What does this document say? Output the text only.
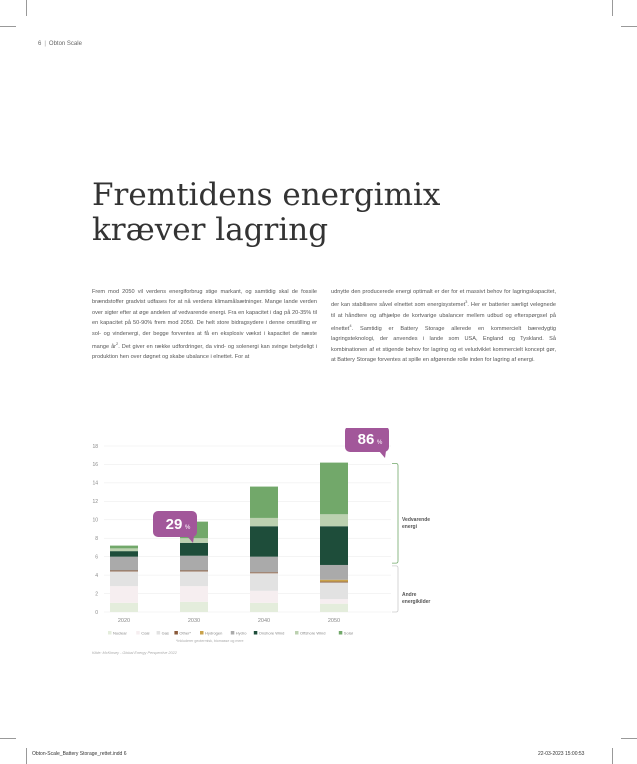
6 | Obton Scale
Fremtidens energimix
kræver lagring
Frem mod 2050 vil verdens energiforbrug stige markant, og samtidig skal de fossile brændstoffer gradvist udfases for at nå verdens klimamålsætninger. Mange lande verden over sigter efter at øge andelen af vedvarende energi. Fra en kapacitet i dag på 20-35% til en kapacitet på 50-90% frem mod 2050. De helt store bidragsydere i denne omstilling er sol- og vindenergi, der begge forventes at få en eksplosiv vækst i kapacitet de næste mange $år^2$. Det giver en række udfordringer, da vind- og solenergi kan svinge betydeligt i produktion hen over døgnet og skabe ubalance i elnettet. For at
udnytte den producerede energi optimalt er der for et massivt behov for lagringskapacitet, der kan stabilisere såvel elnettet som energisystemet$^3$. Her er batterier særligt velegnede til at håndtere og afhjælpe de kortvarige ubalancer mellem udbud og efterspørgsel på elnettet$^4$. Samtidig er Battery Storage allerede en kommercielt bæredygtig lagringsteknologi, der anvendes i lande som USA, England og Tyskland. Så kombinationen af et stigende behov for lagring og et veludviklet kommercielt koncept gør, at Battery Storage forventes at spille en afgørende rolle inden for lagring af energi.
0
2
4
6
8
10
12
14
16
18
2020	2030	2040	2050
29 %
86 %
Vedvarende
energi
Andre
energikilder
Nuclear	Coal	Gas	Other*	Hydrogen	Hydro	Onshore Wind	Offshore Wind	Solar
*Inkluderer geotermisk, biomasse og mere
Kilde: McKinsey - Global Energy Perspective 2022
Obton-Scale_Battery Storage_rettet.indd 6	22-03-2023 15:00:53
